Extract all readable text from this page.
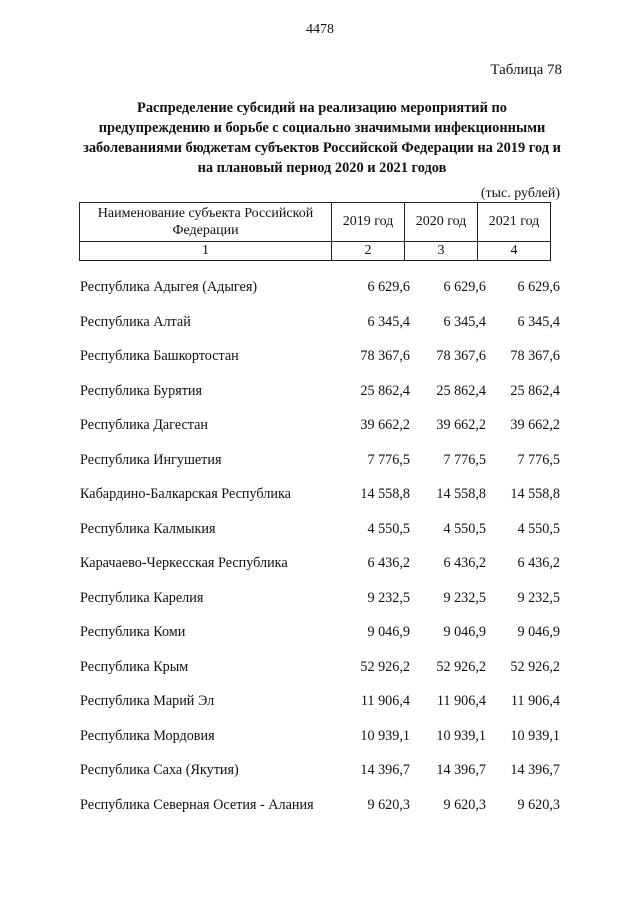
4478
Таблица 78
Распределение субсидий на реализацию мероприятий по предупреждению и борьбе с социально значимыми инфекционными заболеваниями бюджетам субъектов Российской Федерации на 2019 год и на плановый период 2020 и 2021 годов
(тыс. рублей)
Наименование субъекта Российской Федерации	2019 год	2020 год	2021 год
1	2	3	4
Республика Адыгея (Адыгея)	6 629,6	6 629,6	6 629,6
Республика Алтай	6 345,4	6 345,4	6 345,4
Республика Башкортостан	78 367,6	78 367,6	78 367,6
Республика Бурятия	25 862,4	25 862,4	25 862,4
Республика Дагестан	39 662,2	39 662,2	39 662,2
Республика Ингушетия	7 776,5	7 776,5	7 776,5
Кабардино-Балкарская Республика	14 558,8	14 558,8	14 558,8
Республика Калмыкия	4 550,5	4 550,5	4 550,5
Карачаево-Черкесская Республика	6 436,2	6 436,2	6 436,2
Республика Карелия	9 232,5	9 232,5	9 232,5
Республика Коми	9 046,9	9 046,9	9 046,9
Республика Крым	52 926,2	52 926,2	52 926,2
Республика Марий Эл	11 906,4	11 906,4	11 906,4
Республика Мордовия	10 939,1	10 939,1	10 939,1
Республика Саха (Якутия)	14 396,7	14 396,7	14 396,7
Республика Северная Осетия - Алания	9 620,3	9 620,3	9 620,3
